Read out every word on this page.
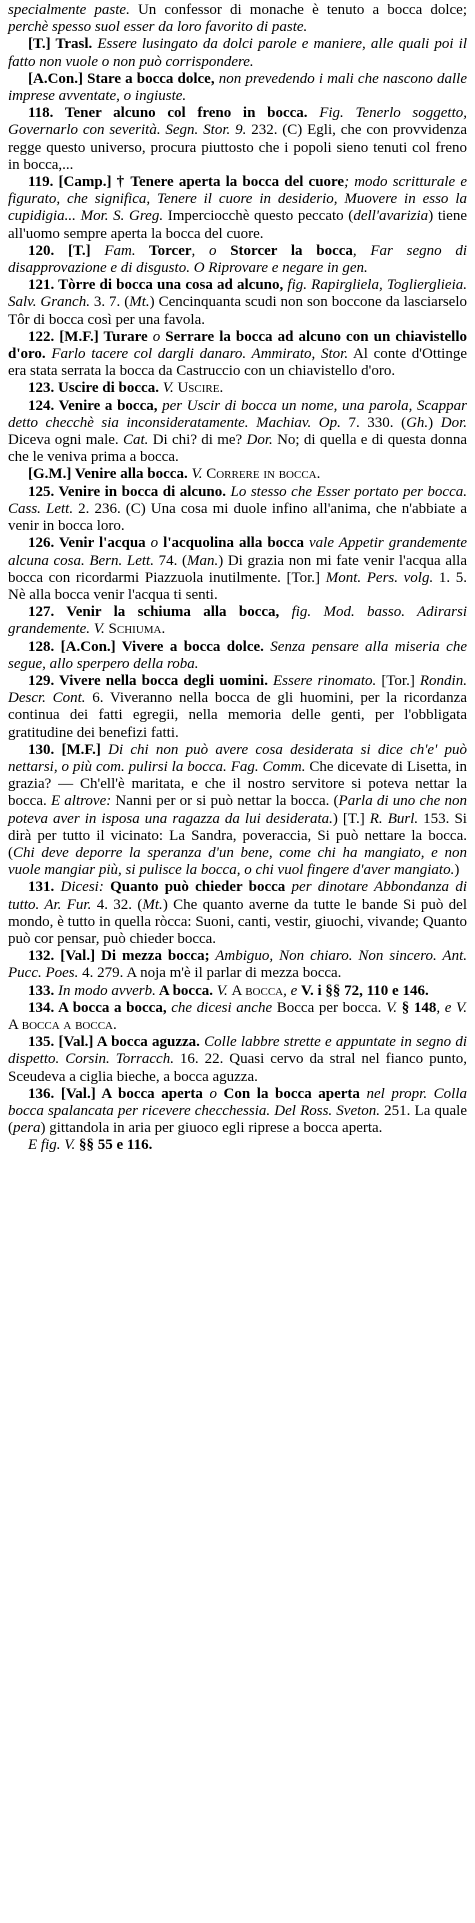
specialmente paste. Un confessor di monache è tenuto a bocca dolce; perchè spesso suol esser da loro favorito di paste.

[T.] Trasl. Essere lusingato da dolci parole e maniere, alle quali poi il fatto non vuole o non può corrispondere.

[A.Con.] Stare a bocca dolce, non prevedendo i mali che nascono dalle imprese avventate, o ingiuste.

118. Tener alcuno col freno in bocca. Fig. Tenerlo soggetto, Governarlo con severità. Segn. Stor. 9. 232. (C) Egli, che con provvidenza regge questo universo, procura piuttosto che i popoli sieno tenuti col freno in bocca,...

119. [Camp.] † Tenere aperta la bocca del cuore; modo scritturale e figurato, che significa, Tenere il cuore in desiderio, Muovere in esso la cupidigia... Mor. S. Greg. Imperciocchè questo peccato (dell'avarizia) tiene all'uomo sempre aperta la bocca del cuore.

120. [T.] Fam. Torcer, o Storcer la bocca, Far segno di disapprovazione e di disgusto. O Riprovare e negare in gen.

121. Tòrre di bocca una cosa ad alcuno, fig. Rapirgliela, Toglierglieia. Salv. Granch. 3. 7. (Mt.) Cencinquanta scudi non son boccone da lasciarselo Tôr di bocca così per una favola.

122. [M.F.] Turare o Serrare la bocca ad alcuno con un chiavistello d'oro. Farlo tacere col dargli danaro. Ammirato, Stor. Al conte d'Ottinge era stata serrata la bocca da Castruccio con un chiavistello d'oro.

123. Uscire di bocca. V. Uscire.

124. Venire a bocca, per Uscir di bocca un nome, una parola, Scappar detto checchè sia inconsideratamente. Machiav. Op. 7. 330. (Gh.) Dor. Diceva ogni male. Cat. Di chi? di me? Dor. No; di quella e di questa donna che le veniva prima a bocca.

[G.M.] Venire alla bocca. V. Correre in bocca.

125. Venire in bocca di alcuno. Lo stesso che Esser portato per bocca. Cass. Lett. 2. 236. (C) Una cosa mi duole infino all'anima, che n'abbiate a venir in bocca loro.

126. Venir l'acqua o l'acquolina alla bocca vale Appetir grandemente alcuna cosa. Bern. Lett. 74. (Man.) Di grazia non mi fate venir l'acqua alla bocca con ricordarmi Piazzuola inutilmente. [Tor.] Mont. Pers. volg. 1. 5. Nè alla bocca venir l'acqua ti senti.

127. Venir la schiuma alla bocca, fig. Mod. basso. Adirarsi grandemente. V. Schiuma.

128. [A.Con.] Vivere a bocca dolce. Senza pensare alla miseria che segue, allo sperpero della roba.

129. Vivere nella bocca degli uomini. Essere rinomato. [Tor.] Rondin. Descr. Cont. 6. Viveranno nella bocca de gli huomini, per la ricordanza continua dei fatti egregii, nella memoria delle genti, per l'obbligata gratitudine dei benefizi fatti.

130. [M.F.] Di chi non può avere cosa desiderata si dice ch'e' può nettarsi, o più com. pulirsi la bocca. Fag. Comm. Che dicevate di Lisetta, in grazia? — Ch'ell'è maritata, e che il nostro servitore si poteva nettar la bocca. E altrove: Nanni per or si può nettar la bocca. (Parla di uno che non poteva aver in isposa una ragazza da lui desiderata.) [T.] R. Burl. 153. Si dirà per tutto il vicinato: La Sandra, poveraccia, Si può nettare la bocca. (Chi deve deporre la speranza d'un bene, come chi ha mangiato, e non vuole mangiar più, si pulisce la bocca, o chi vuol fingere d'aver mangiato.)

131. Dicesi: Quanto può chieder bocca per dinotare Abbondanza di tutto. Ar. Fur. 4. 32. (Mt.) Che quanto averne da tutte le bande Si può del mondo, è tutto in quella ròcca: Suoni, canti, vestir, giuochi, vivande; Quanto può cor pensar, può chieder bocca.

132. [Val.] Di mezza bocca; Ambiguo, Non chiaro. Non sincero. Ant. Pucc. Poes. 4. 279. A noja m'è il parlar di mezza bocca.

133. In modo avverb. A bocca. V. A bocca, e V. i §§ 72, 110 e 146.

134. A bocca a bocca, che dicesi anche Bocca per bocca. V. § 148, e V. A bocca a bocca.

135. [Val.] A bocca aguzza. Colle labbre strette e appuntate in segno di dispetto. Corsin. Torracch. 16. 22. Quasi cervo da stral nel fianco punto, Sceudeva a ciglia bieche, a bocca aguzza.

136. [Val.] A bocca aperta o Con la bocca aperta nel propr. Colla bocca spalancata per ricevere checchessia. Del Ross. Sveton. 251. La quale (pera) gittandola in aria per giuoco egli riprese a bocca aperta.

E fig. V. §§ 55 e 116.
